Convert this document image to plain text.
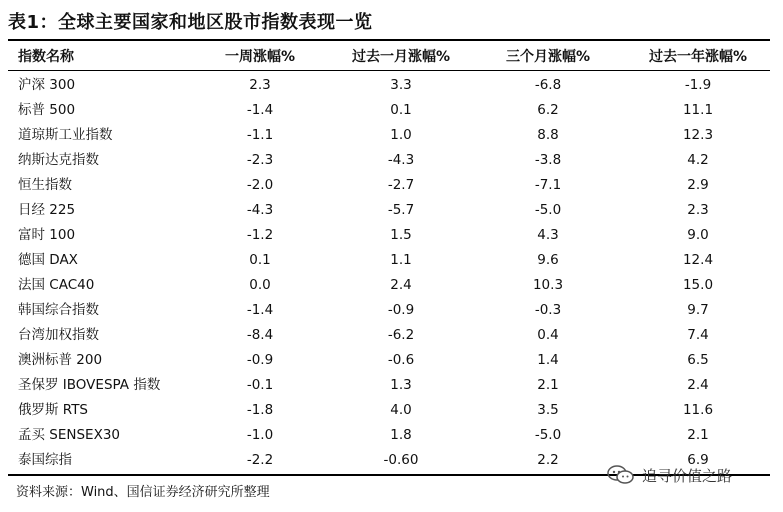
表1：全球主要国家和地区股市指数表现一览
指数名称	一周涨幅%	过去一月涨幅%	三个月涨幅%	过去一年涨幅%
沪深 300	2.3	3.3	-6.8	-1.9
标普 500	-1.4	0.1	6.2	11.1
道琼斯工业指数	-1.1	1.0	8.8	12.3
纳斯达克指数	-2.3	-4.3	-3.8	4.2
恒生指数	-2.0	-2.7	-7.1	2.9
日经 225	-4.3	-5.7	-5.0	2.3
富时 100	-1.2	1.5	4.3	9.0
德国 DAX	0.1	1.1	9.6	12.4
法国 CAC40	0.0	2.4	10.3	15.0
韩国综合指数	-1.4	-0.9	-0.3	9.7
台湾加权指数	-8.4	-6.2	0.4	7.4
澳洲标普 200	-0.9	-0.6	1.4	6.5
圣保罗 IBOVESPA 指数	-0.1	1.3	2.1	2.4
俄罗斯 RTS	-1.8	4.0	3.5	11.6
孟买 SENSEX30	-1.0	1.8	-5.0	2.1
泰国综指	-2.2	-0.60	2.2	6.9
资料来源：Wind、国信证券经济研究所整理
追寻价值之路
